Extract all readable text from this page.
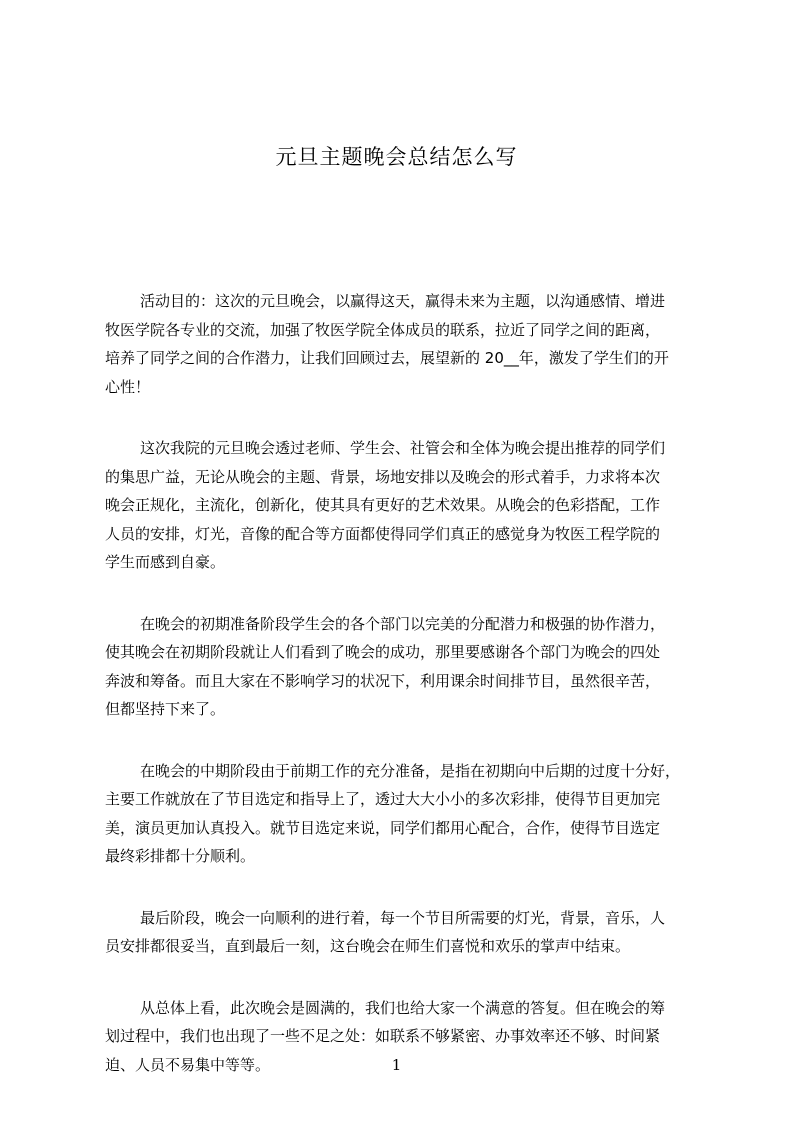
元旦主题晚会总结怎么写
活动目的：这次的元旦晚会，以赢得这天，赢得未来为主题，以沟通感情、增进
牧医学院各专业的交流，加强了牧医学院全体成员的联系，拉近了同学之间的距离，
培养了同学之间的合作潜力，让我们回顾过去，展望新的 20__年，激发了学生们的开
心性！
这次我院的元旦晚会透过老师、学生会、社管会和全体为晚会提出推荐的同学们
的集思广益，无论从晚会的主题、背景，场地安排以及晚会的形式着手，力求将本次
晚会正规化，主流化，创新化，使其具有更好的艺术效果。从晚会的色彩搭配，工作
人员的安排，灯光，音像的配合等方面都使得同学们真正的感觉身为牧医工程学院的
学生而感到自豪。
在晚会的初期准备阶段学生会的各个部门以完美的分配潜力和极强的协作潜力，
使其晚会在初期阶段就让人们看到了晚会的成功，那里要感谢各个部门为晚会的四处
奔波和筹备。而且大家在不影响学习的状况下，利用课余时间排节目，虽然很辛苦，
但都坚持下来了。
在晚会的中期阶段由于前期工作的充分准备，是指在初期向中后期的过度十分好，
主要工作就放在了节目选定和指导上了，透过大大小小的多次彩排，使得节目更加完
美，演员更加认真投入。就节目选定来说，同学们都用心配合，合作，使得节目选定
最终彩排都十分顺利。
最后阶段，晚会一向顺利的进行着，每一个节目所需要的灯光，背景，音乐，人
员安排都很妥当，直到最后一刻，这台晚会在师生们喜悦和欢乐的掌声中结束。
从总体上看，此次晚会是圆满的，我们也给大家一个满意的答复。但在晚会的筹
划过程中，我们也出现了一些不足之处：如联系不够紧密、办事效率还不够、时间紧
迫、人员不易集中等等。	1
